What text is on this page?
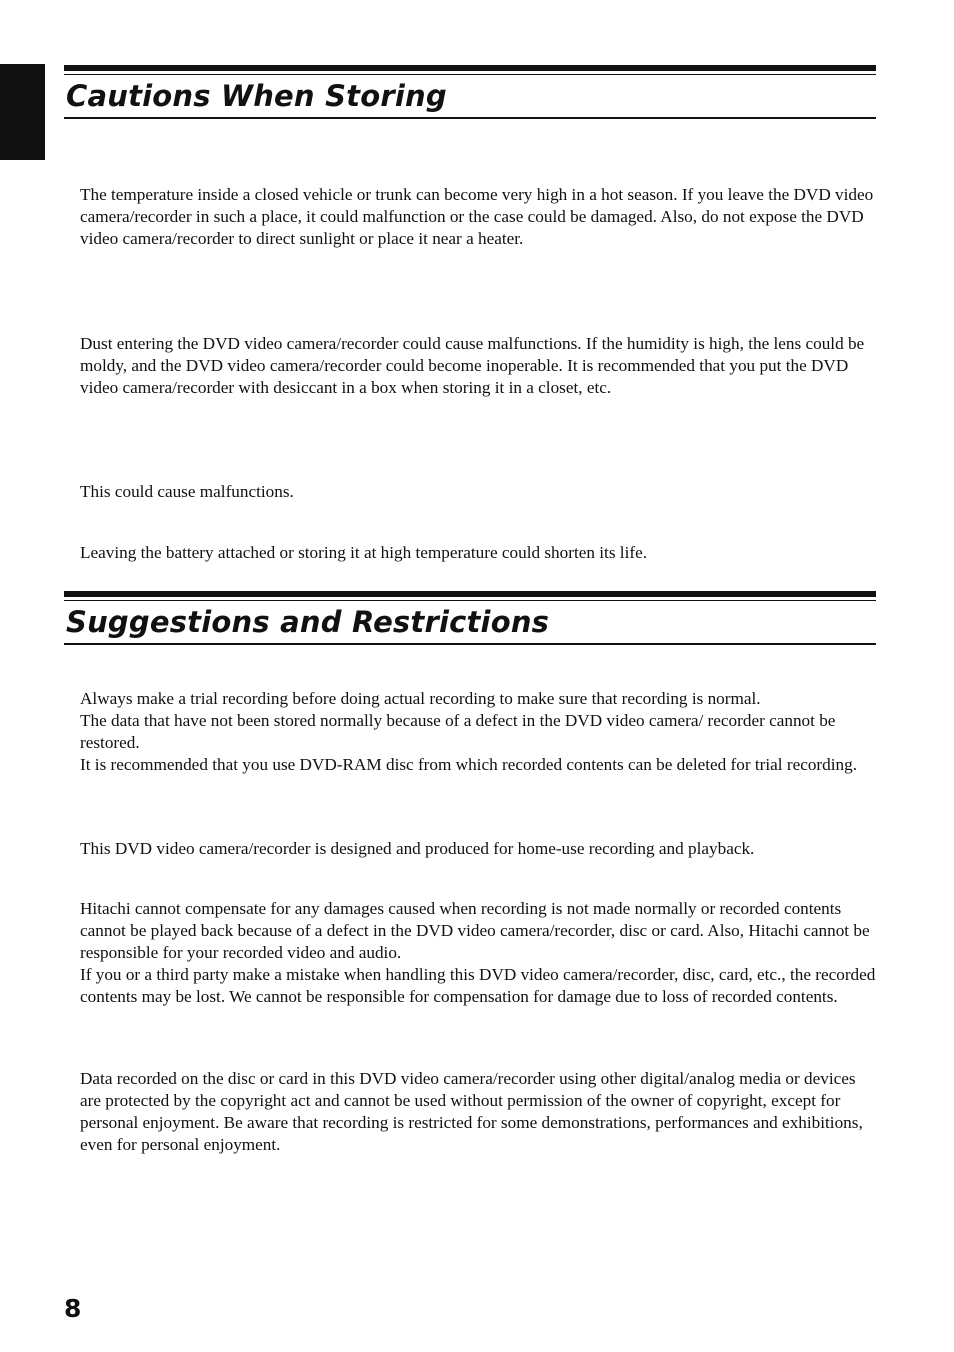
Cautions When Storing

The temperature inside a closed vehicle or trunk can become very high in a hot season. If you leave the DVD video camera/recorder in such a place, it could malfunction or the case could be damaged. Also, do not expose the DVD video camera/recorder to direct sunlight or place it near a heater.

Dust entering the DVD video camera/recorder could cause malfunctions. If the humidity is high, the lens could be moldy, and the DVD video camera/recorder could become inoperable. It is recommended that you put the DVD video camera/recorder with desiccant in a box when storing it in a closet, etc.

This could cause malfunctions.

Leaving the battery attached or storing it at high temperature could shorten its life.

Suggestions and Restrictions

Always make a trial recording before doing actual recording to make sure that recording is normal.
The data that have not been stored normally because of a defect in the DVD video camera/ recorder cannot be restored.
It is recommended that you use DVD-RAM disc from which recorded contents can be deleted for trial recording.

This DVD video camera/recorder is designed and produced for home-use recording and playback.

Hitachi cannot compensate for any damages caused when recording is not made normally or recorded contents cannot be played back because of a defect in the DVD video camera/recorder, disc or card. Also, Hitachi cannot be responsible for your recorded video and audio.
If you or a third party make a mistake when handling this DVD video camera/recorder, disc, card, etc., the recorded contents may be lost. We cannot be responsible for compensation for damage due to loss of recorded contents.

Data recorded on the disc or card in this DVD video camera/recorder using other digital/analog media or devices are protected by the copyright act and cannot be used without permission of the owner of copyright, except for personal enjoyment. Be aware that recording is restricted for some demonstrations, performances and exhibitions, even for personal enjoyment.

8
